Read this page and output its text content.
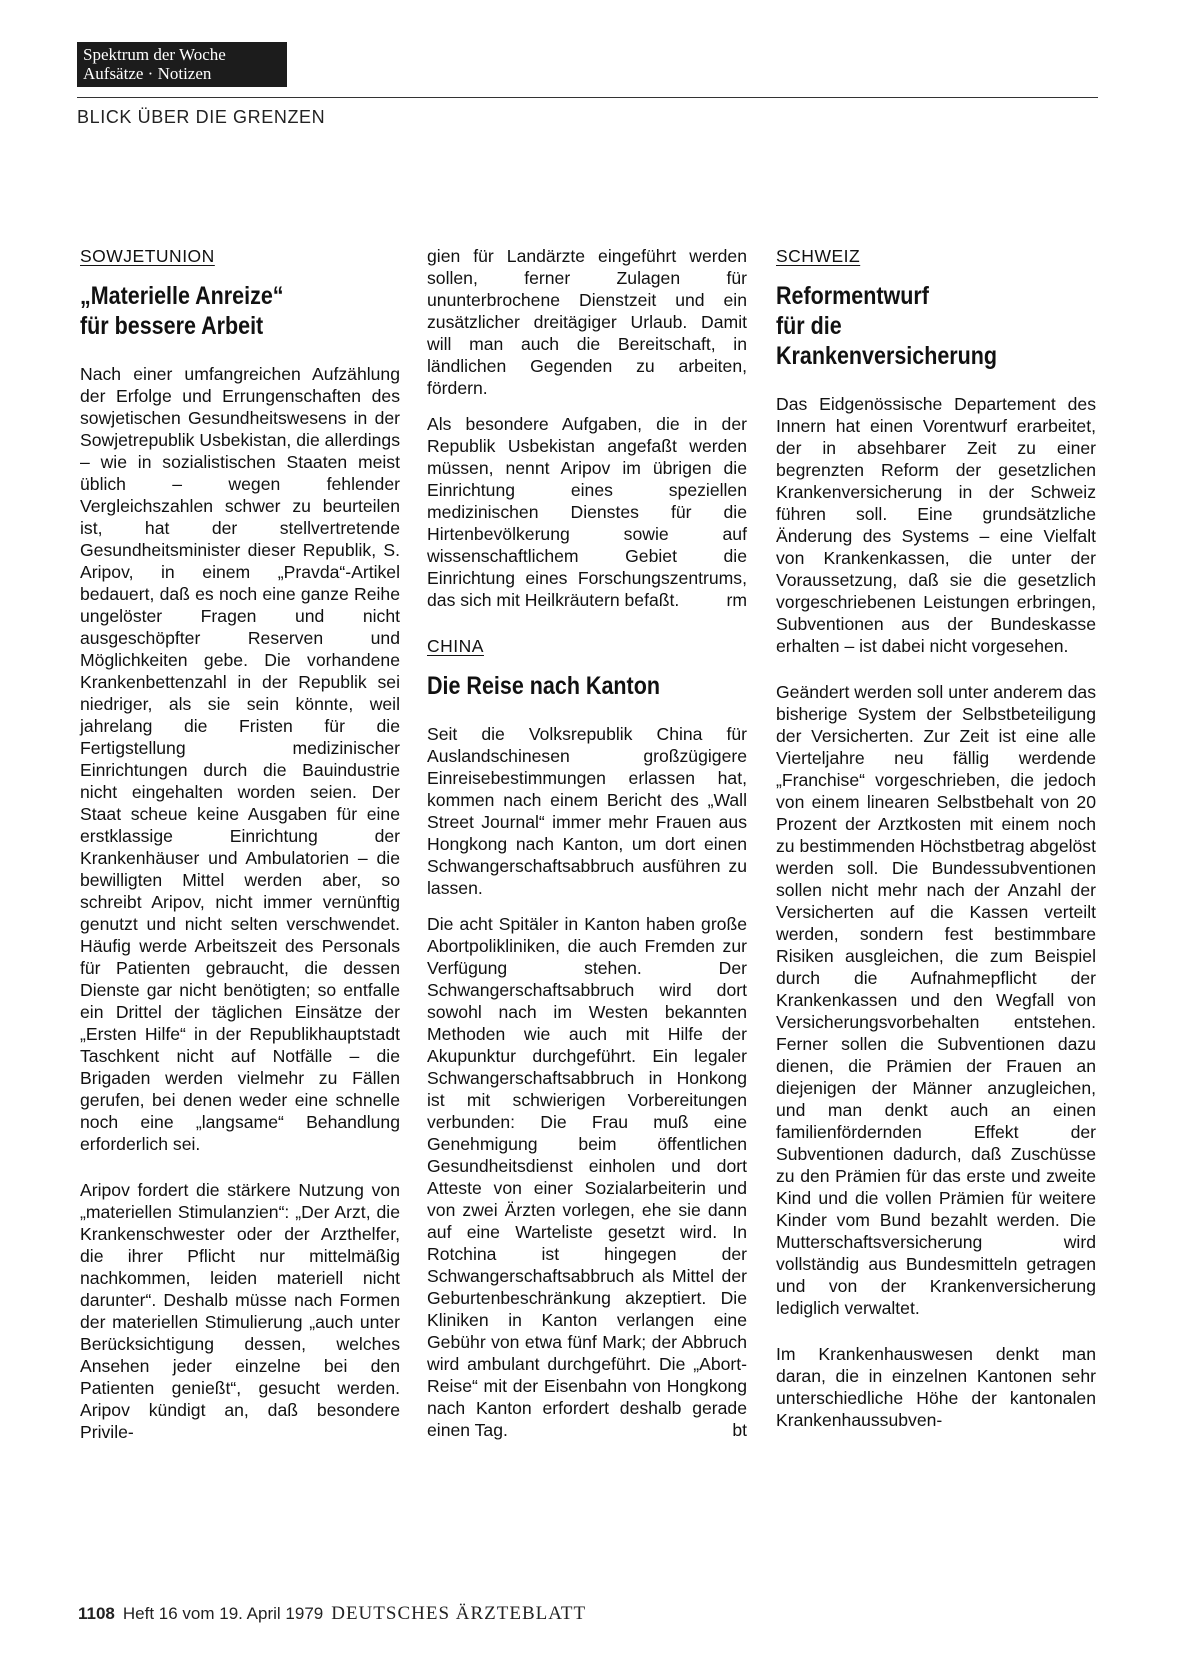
Spektrum der Woche
Aufsätze · Notizen
BLICK ÜBER DIE GRENZEN
SOWJETUNION
„Materielle Anreize“
für bessere Arbeit

Nach einer umfangreichen Aufzählung der Erfolge und Errungenschaften des sowjetischen Gesundheitswesens in der Sowjetrepublik Usbekistan, die allerdings – wie in sozialistischen Staaten meist üblich – wegen fehlender Vergleichszahlen schwer zu beurteilen ist, hat der stellvertretende Gesundheitsminister dieser Republik, S. Aripov, in einem „Pravda“-Artikel bedauert, daß es noch eine ganze Reihe ungelöster Fragen und nicht ausgeschöpfter Reserven und Möglichkeiten gebe. Die vorhandene Krankenbettenzahl in der Republik sei niedriger, als sie sein könnte, weil jahrelang die Fristen für die Fertigstellung medizinischer Einrichtungen durch die Bauindustrie nicht eingehalten worden seien. Der Staat scheue keine Ausgaben für eine erstklassige Einrichtung der Krankenhäuser und Ambulatorien – die bewilligten Mittel werden aber, so schreibt Aripov, nicht immer vernünftig genutzt und nicht selten verschwendet. Häufig werde Arbeitszeit des Personals für Patienten gebraucht, die dessen Dienste gar nicht benötigten; so entfalle ein Drittel der täglichen Einsätze der „Ersten Hilfe“ in der Republikhauptstadt Taschkent nicht auf Notfälle – die Brigaden werden vielmehr zu Fällen gerufen, bei denen weder eine schnelle noch eine „langsame“ Behandlung erforderlich sei.

Aripov fordert die stärkere Nutzung von „materiellen Stimulanzien“: „Der Arzt, die Krankenschwester oder der Arzthelfer, die ihrer Pflicht nur mittelmäßig nachkommen, leiden materiell nicht darunter“. Deshalb müsse nach Formen der materiellen Stimulierung „auch unter Berücksichtigung dessen, welches Ansehen jeder einzelne bei den Patienten genießt“, gesucht werden. Aripov kündigt an, daß besondere Privile-

gien für Landärzte eingeführt werden sollen, ferner Zulagen für ununterbrochene Dienstzeit und ein zusätzlicher dreitägiger Urlaub. Damit will man auch die Bereitschaft, in ländlichen Gegenden zu arbeiten, fördern.

Als besondere Aufgaben, die in der Republik Usbekistan angefaßt werden müssen, nennt Aripov im übrigen die Einrichtung eines speziellen medizinischen Dienstes für die Hirtenbevölkerung sowie auf wissenschaftlichem Gebiet die Einrichtung eines Forschungszentrums, das sich mit Heilkräutern befaßt.	rm
CHINA
Die Reise nach Kanton

Seit die Volksrepublik China für Auslandschinesen großzügigere Einreisebestimmungen erlassen hat, kommen nach einem Bericht des „Wall Street Journal“ immer mehr Frauen aus Hongkong nach Kanton, um dort einen Schwangerschaftsabbruch ausführen zu lassen.

Die acht Spitäler in Kanton haben große Abortpolikliniken, die auch Fremden zur Verfügung stehen. Der Schwangerschaftsabbruch wird dort sowohl nach im Westen bekannten Methoden wie auch mit Hilfe der Akupunktur durchgeführt. Ein legaler Schwangerschaftsabbruch in Honkong ist mit schwierigen Vorbereitungen verbunden: Die Frau muß eine Genehmigung beim öffentlichen Gesundheitsdienst einholen und dort Atteste von einer Sozialarbeiterin und von zwei Ärzten vorlegen, ehe sie dann auf eine Warteliste gesetzt wird. In Rotchina ist hingegen der Schwangerschaftsabbruch als Mittel der Geburtenbeschränkung akzeptiert. Die Kliniken in Kanton verlangen eine Gebühr von etwa fünf Mark; der Abbruch wird ambulant durchgeführt. Die „Abort-Reise“ mit der Eisenbahn von Hongkong nach Kanton erfordert deshalb gerade einen Tag.	bt
SCHWEIZ
Reformentwurf
für die
Krankenversicherung

Das Eidgenössische Departement des Innern hat einen Vorentwurf erarbeitet, der in absehbarer Zeit zu einer begrenzten Reform der gesetzlichen Krankenversicherung in der Schweiz führen soll. Eine grundsätzliche Änderung des Systems – eine Vielfalt von Krankenkassen, die unter der Voraussetzung, daß sie die gesetzlich vorgeschriebenen Leistungen erbringen, Subventionen aus der Bundeskasse erhalten – ist dabei nicht vorgesehen.

Geändert werden soll unter anderem das bisherige System der Selbstbeteiligung der Versicherten. Zur Zeit ist eine alle Vierteljahre neu fällig werdende „Franchise“ vorgeschrieben, die jedoch von einem linearen Selbstbehalt von 20 Prozent der Arztkosten mit einem noch zu bestimmenden Höchstbetrag abgelöst werden soll. Die Bundessubventionen sollen nicht mehr nach der Anzahl der Versicherten auf die Kassen verteilt werden, sondern fest bestimmbare Risiken ausgleichen, die zum Beispiel durch die Aufnahmepflicht der Krankenkassen und den Wegfall von Versicherungsvorbehalten entstehen. Ferner sollen die Subventionen dazu dienen, die Prämien der Frauen an diejenigen der Männer anzugleichen, und man denkt auch an einen familienfördernden Effekt der Subventionen dadurch, daß Zuschüsse zu den Prämien für das erste und zweite Kind und die vollen Prämien für weitere Kinder vom Bund bezahlt werden. Die Mutterschaftsversicherung wird vollständig aus Bundesmitteln getragen und von der Krankenversicherung lediglich verwaltet.

Im Krankenhauswesen denkt man daran, die in einzelnen Kantonen sehr unterschiedliche Höhe der kantonalen Krankenhaussubven-

1108 Heft 16 vom 19. April 1979 DEUTSCHES ÄRZTEBLATT
